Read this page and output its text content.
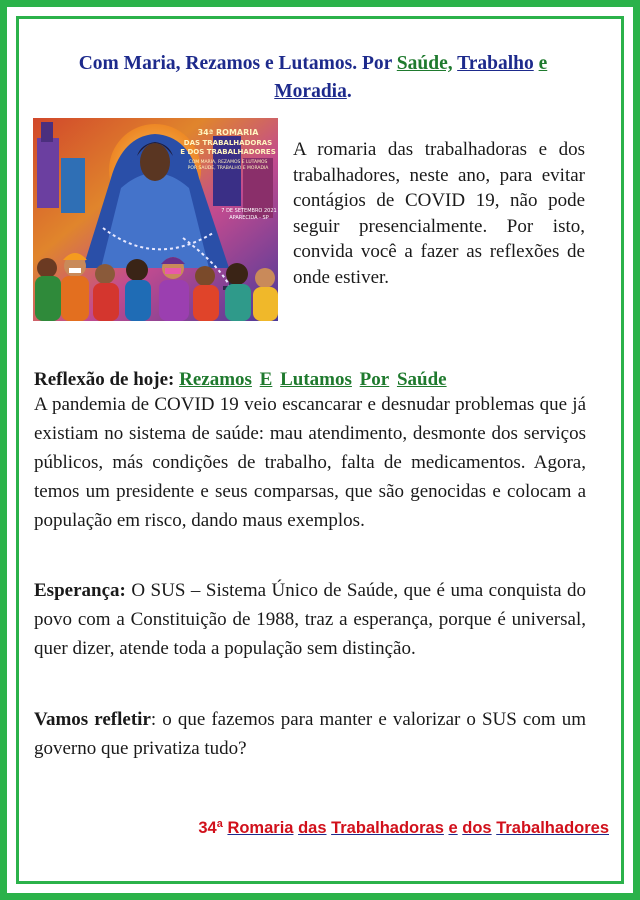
Com Maria, Rezamos e Lutamos. Por Saúde, Trabalho e
Moradia.
34ª ROMARIA
DAS TRABALHADORAS
E DOS TRABALHADORES
COM MARIA, REZAMOS E LUTAMOS
POR SAÚDE, TRABALHO E MORADIA
7 DE SETEMBRO 2021
APARECIDA - SP
A romaria das trabalhadoras e dos trabalhadores, neste ano, para evitar contágios de COVID 19, não pode seguir presencialmente. Por isto, convida você a fazer as reflexões de onde estiver.
Reflexão de hoje: Rezamos E Lutamos Por Saúde
A pandemia de COVID 19 veio escancarar e desnudar problemas que já existiam no sistema de saúde: mau atendimento, desmonte dos serviços públicos, más condições de trabalho, falta de medicamentos. Agora, temos um presidente e seus comparsas, que são genocidas e colocam a população em risco, dando maus exemplos.
Esperança: O SUS – Sistema Único de Saúde, que é uma conquista do povo com a Constituição de 1988, traz a esperança, porque é universal, quer dizer, atende toda a população sem distinção.
Vamos refletir: o que fazemos para manter e valorizar o SUS com um governo que privatiza tudo?
34ª Romaria das Trabalhadoras e dos Trabalhadores
